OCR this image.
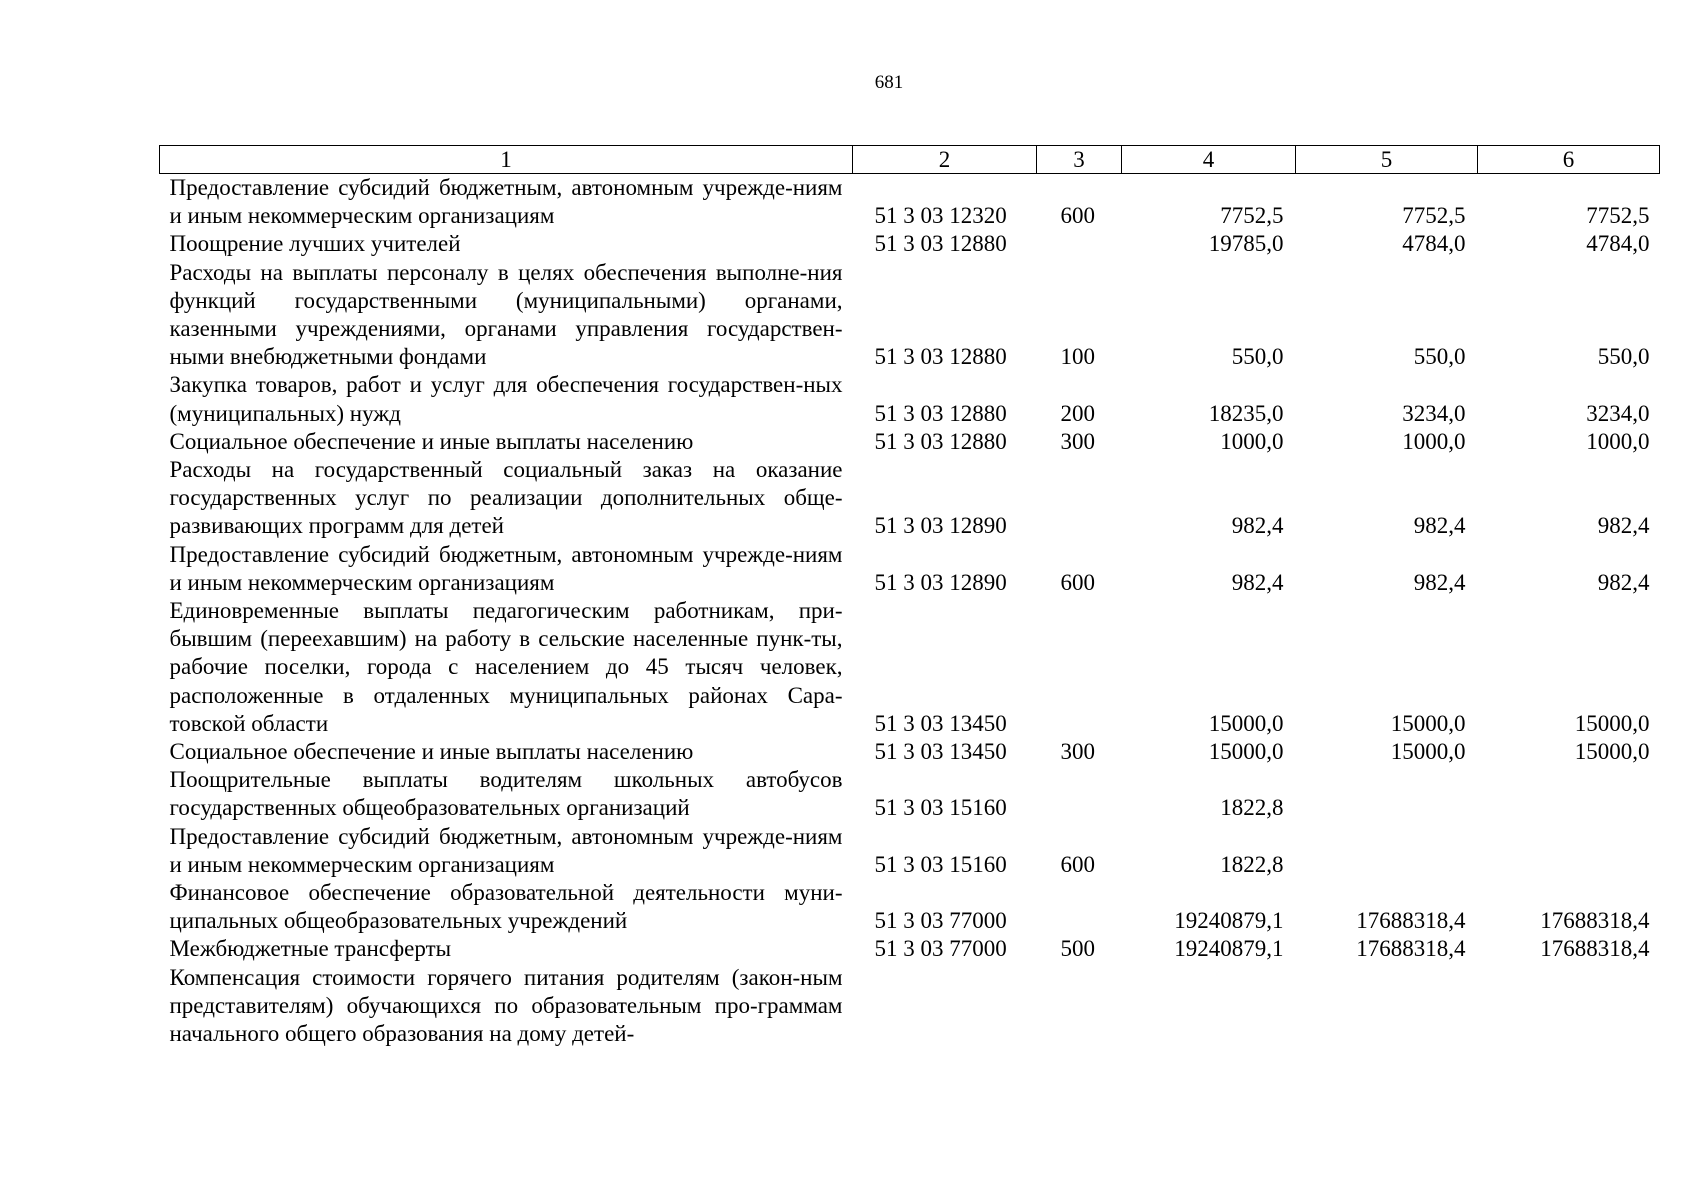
681
1	2	3	4	5	6
Предоставление субсидий бюджетным, автономным учрежде-ниям и иным некоммерческим организациям	51 3 03 12320	600	7752,5	7752,5	7752,5
Поощрение лучших учителей	51 3 03 12880		19785,0	4784,0	4784,0
Расходы на выплаты персоналу в целях обеспечения выполне-ния функций государственными (муниципальными) органами, казенными учреждениями, органами управления государствен-ными внебюджетными фондами	51 3 03 12880	100	550,0	550,0	550,0
Закупка товаров, работ и услуг для обеспечения государствен-ных (муниципальных) нужд	51 3 03 12880	200	18235,0	3234,0	3234,0
Социальное обеспечение и иные выплаты населению	51 3 03 12880	300	1000,0	1000,0	1000,0
Расходы на государственный социальный заказ на оказание государственных услуг по реализации дополнительных обще-развивающих программ для детей	51 3 03 12890		982,4	982,4	982,4
Предоставление субсидий бюджетным, автономным учрежде-ниям и иным некоммерческим организациям	51 3 03 12890	600	982,4	982,4	982,4
Единовременные выплаты педагогическим работникам, при-бывшим (переехавшим) на работу в сельские населенные пунк-ты, рабочие поселки, города с населением до 45 тысяч человек, расположенные в отдаленных муниципальных районах Сара-товской области	51 3 03 13450		15000,0	15000,0	15000,0
Социальное обеспечение и иные выплаты населению	51 3 03 13450	300	15000,0	15000,0	15000,0
Поощрительные выплаты водителям школьных автобусов государственных общеобразовательных организаций	51 3 03 15160		1822,8		
Предоставление субсидий бюджетным, автономным учрежде-ниям и иным некоммерческим организациям	51 3 03 15160	600	1822,8		
Финансовое обеспечение образовательной деятельности муни-ципальных общеобразовательных учреждений	51 3 03 77000		19240879,1	17688318,4	17688318,4
Межбюджетные трансферты	51 3 03 77000	500	19240879,1	17688318,4	17688318,4
Компенсация стоимости горячего питания родителям (закон-ным представителям) обучающихся по образовательным про-граммам начального общего образования на дому детей-					
